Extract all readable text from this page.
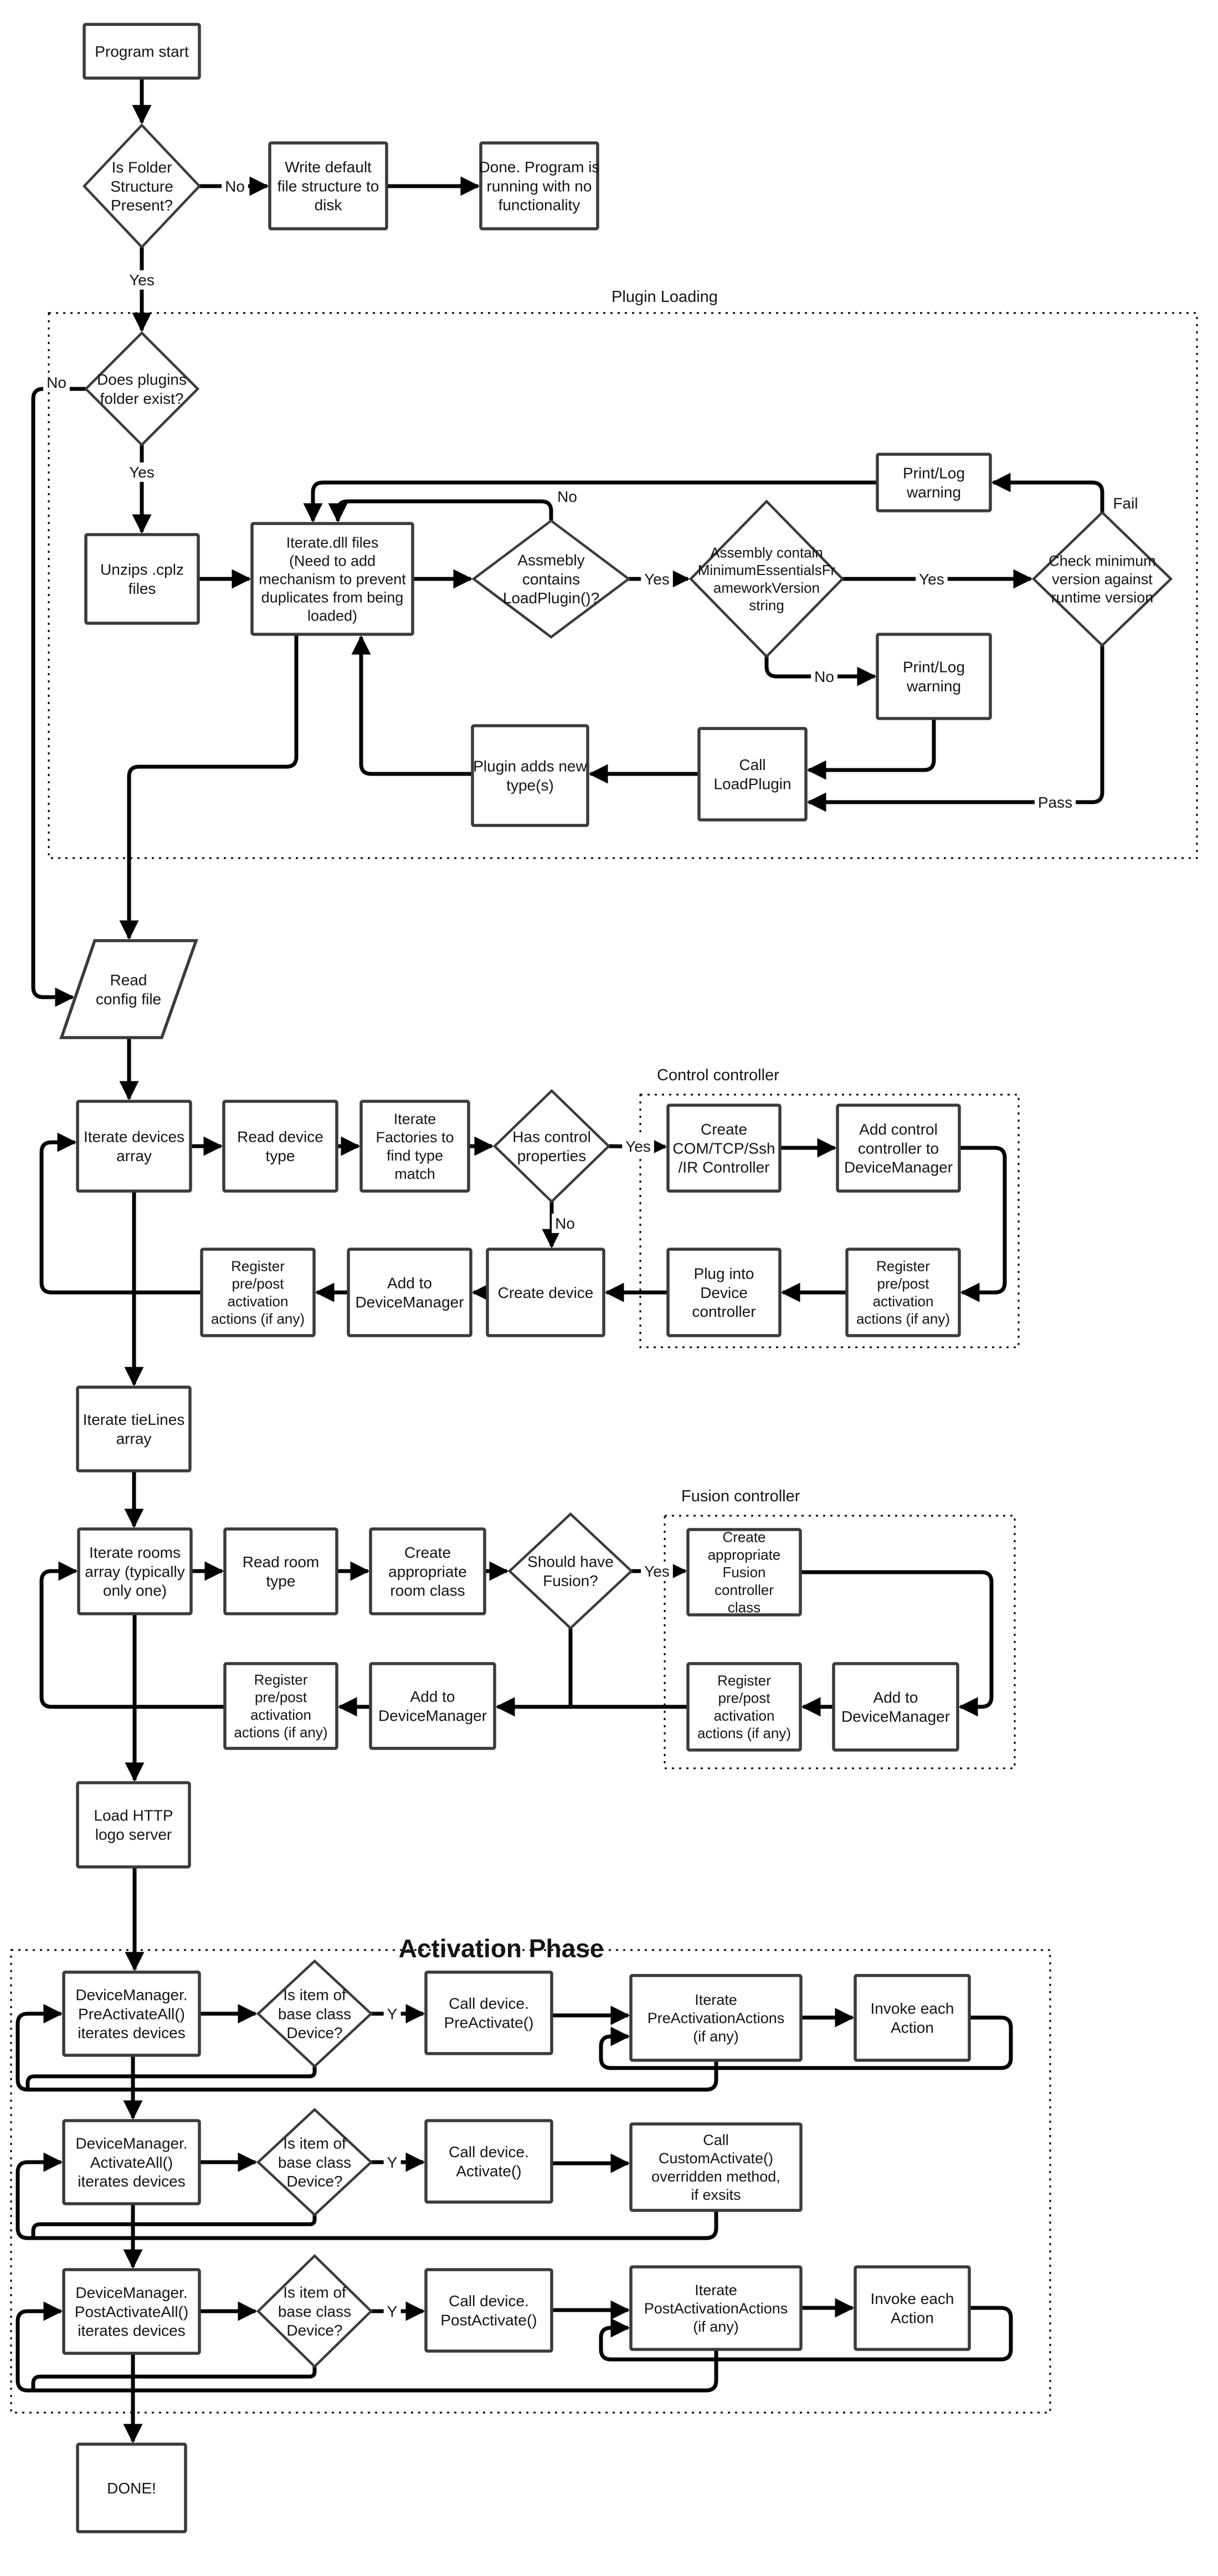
Plugin Loading
Control controller
Fusion controller
Activation Phase
Program start
Is Folder Structure Present?
Write default file structure to disk
Done. Program is running with no functionality
Does plugins folder exist?
Unzips .cplz files
Iterate.dll files (Need to add mechanism to prevent duplicates from being loaded)
Assmebly contains LoadPlugin()?
Assembly contain MinimumEssentialsFr ameworkVersion string
Check minimum version against runtime version
Print/Log warning
Print/Log warning
Call LoadPlugin
Plugin adds new type(s)
Read config file
Iterate devices array
Read device type
Iterate Factories to find type match
Has control properties
Create COM/TCP/Ssh /IR Controller
Add control controller to DeviceManager
Register pre/post activation actions (if any)
Plug into Device controller
Create device
Add to DeviceManager
Register pre/post activation actions (if any)
Iterate tieLines array
Iterate rooms array (typically only one)
Read room type
Create appropriate room class
Should have Fusion?
Create appropriate Fusion controller class
Register pre/post activation actions (if any)
Add to DeviceManager
Add to DeviceManager
Register pre/post activation actions (if any)
Load HTTP logo server
DeviceManager. PreActivateAll() iterates devices
Is item of base class Device?
Call device. PreActivate()
Iterate PreActivationActions (if any)
Invoke each Action
DeviceManager. ActivateAll() iterates devices
Is item of base class Device?
Call device. Activate()
Call CustomActivate() overridden method, if exsits
DeviceManager. PostActivateAll() iterates devices
Is item of base class Device?
Call device. PostActivate()
Iterate PostActivationActions (if any)
Invoke each Action
DONE!
No
Yes
Yes
Yes	Yes
Fail
No
No
Pass
No
Yes
No
Yes
Y
Y
Y
